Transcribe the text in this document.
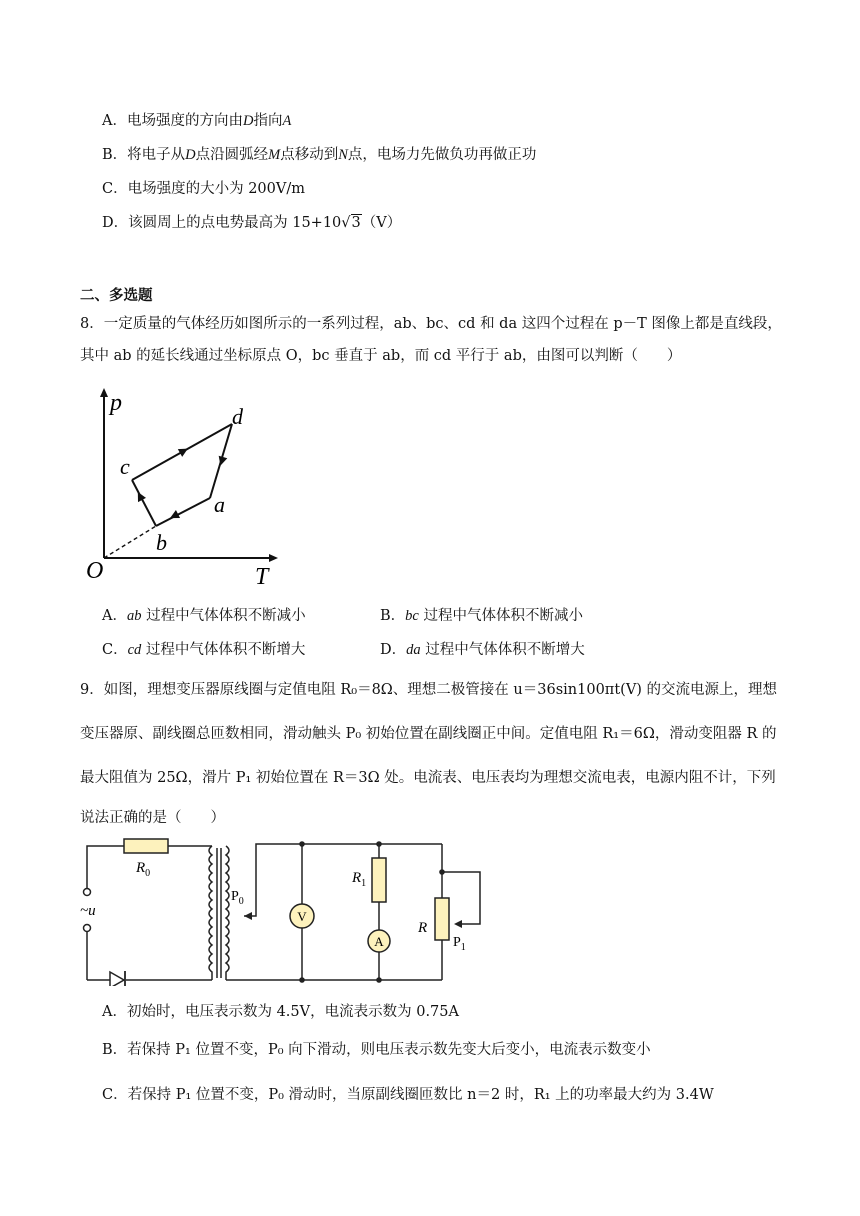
A．电场强度的方向由D指向A
B．将电子从D点沿圆弧经M点移动到N点，电场力先做负功再做正功
C．电场强度的大小为 200V/m
D．该圆周上的点电势最高为 15+10√3（V）
二、多选题
8．一定质量的气体经历如图所示的一系列过程，ab、bc、cd 和 da 这四个过程在 p－T 图像上都是直线段，
其中 ab 的延长线通过坐标原点 O，bc 垂直于 ab，而 cd 平行于 ab，由图可以判断（　　）
p
T
O
a
b
c
d
A．ab 过程中气体体积不断减小	B．bc 过程中气体体积不断减小
C．cd 过程中气体体积不断增大	D．da 过程中气体体积不断增大
9．如图，理想变压器原线圈与定值电阻 R₀＝8Ω、理想二极管接在 u＝36sin100πt(V) 的交流电源上，理想
变压器原、副线圈总匝数相同，滑动触头 P₀ 初始位置在副线圈正中间。定值电阻 R₁＝6Ω，滑动变阻器 R 的
最大阻值为 25Ω，滑片 P₁ 初始位置在 R＝3Ω 处。电流表、电压表均为理想交流电表，电源内阻不计，下列
说法正确的是（　　）
V
A
$R_0$
~u
$P_0$
$R_1$
R
$P_1$
A．初始时，电压表示数为 4.5V，电流表示数为 0.75A
B．若保持 P₁ 位置不变，P₀ 向下滑动，则电压表示数先变大后变小，电流表示数变小
C．若保持 P₁ 位置不变，P₀ 滑动时，当原副线圈匝数比 n＝2 时，R₁ 上的功率最大约为 3.4W
